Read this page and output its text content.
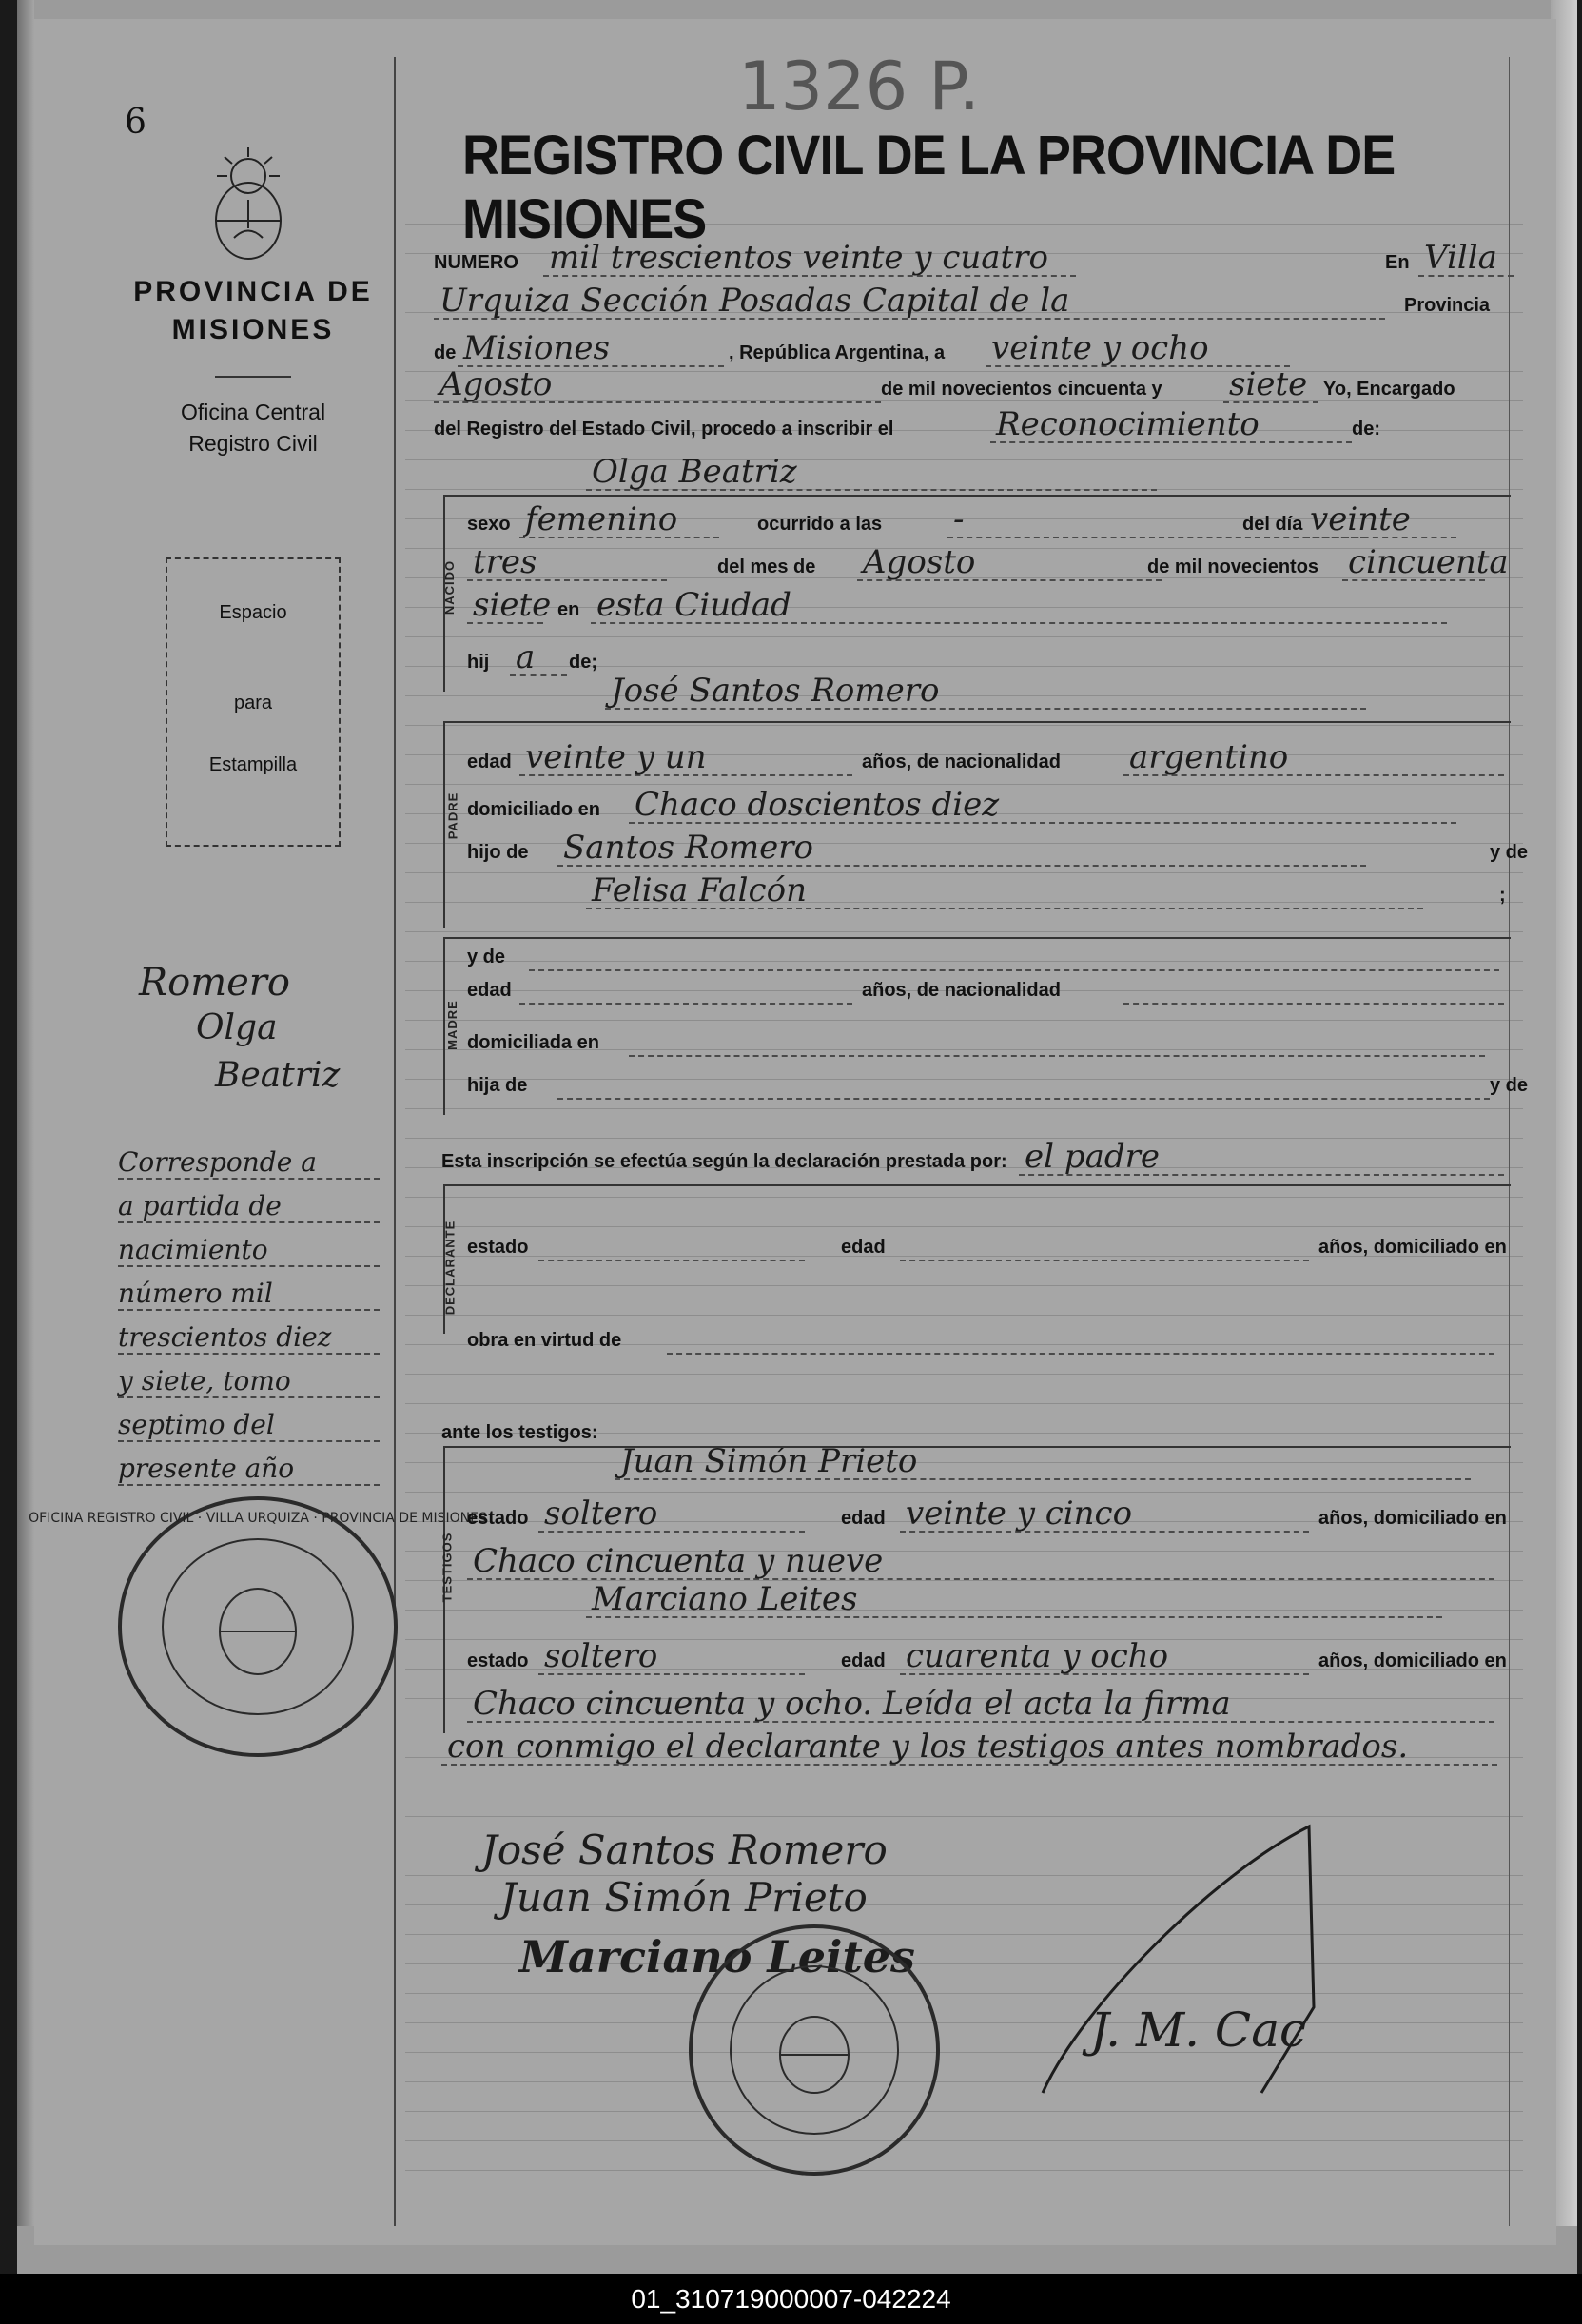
6
PROVINCIA DE
MISIONES
Oficina Central
Registro Civil
Espacio
para
Estampilla
Romero
Olga
Beatriz
Corresponde a
a partida de
nacimiento
número mil
trescientos diez
y siete, tomo
septimo del
presente año
OFICINA REGISTRO CIVIL · VILLA URQUIZA · PROVINCIA DE MISIONES
1326 P.
REGISTRO CIVIL DE LA PROVINCIA DE MISIONES
NUMERO mil trescientos veinte y cuatro	En Villa
Urquiza Sección Posadas Capital de la	Provincia
de Misiones	, República Argentina, a veinte y ocho
Agosto	de mil novecientos cincuenta y siete Yo, Encargado
del Registro del Estado Civil, procedo a inscribir el	Reconocimiento	de:
Olga Beatriz
sexo femenino	ocurrido a las -	del día veinte
tres	del mes de Agosto	de mil novecientos cincuenta
siete en esta Ciudad
hij a de;
José Santos Romero
edad veinte y un	años, de nacionalidad argentino
domiciliado en Chaco doscientos diez
hijo de Santos Romero	y de
Felisa Falcón	;
y de
edad	años, de nacionalidad
domiciliada en
hija de	y de
Esta inscripción se efectúa según la declaración prestada por: el padre
estado	edad	años, domiciliado en
obra en virtud de
ante los testigos:
Juan Simón Prieto
estado soltero	edad veinte y cinco	años, domiciliado en
Chaco cincuenta y nueve
Marciano Leites
estado soltero	edad cuarenta y ocho	años, domiciliado en
Chaco cincuenta y ocho. Leída el acta la firma
con conmigo el declarante y los testigos antes nombrados.
NACIDO
PADRE
MADRE
DECLARANTE
TESTIGOS
José Santos Romero
Juan Simón Prieto
Marciano Leites
J. M. Cac
01_310719000007-042224
